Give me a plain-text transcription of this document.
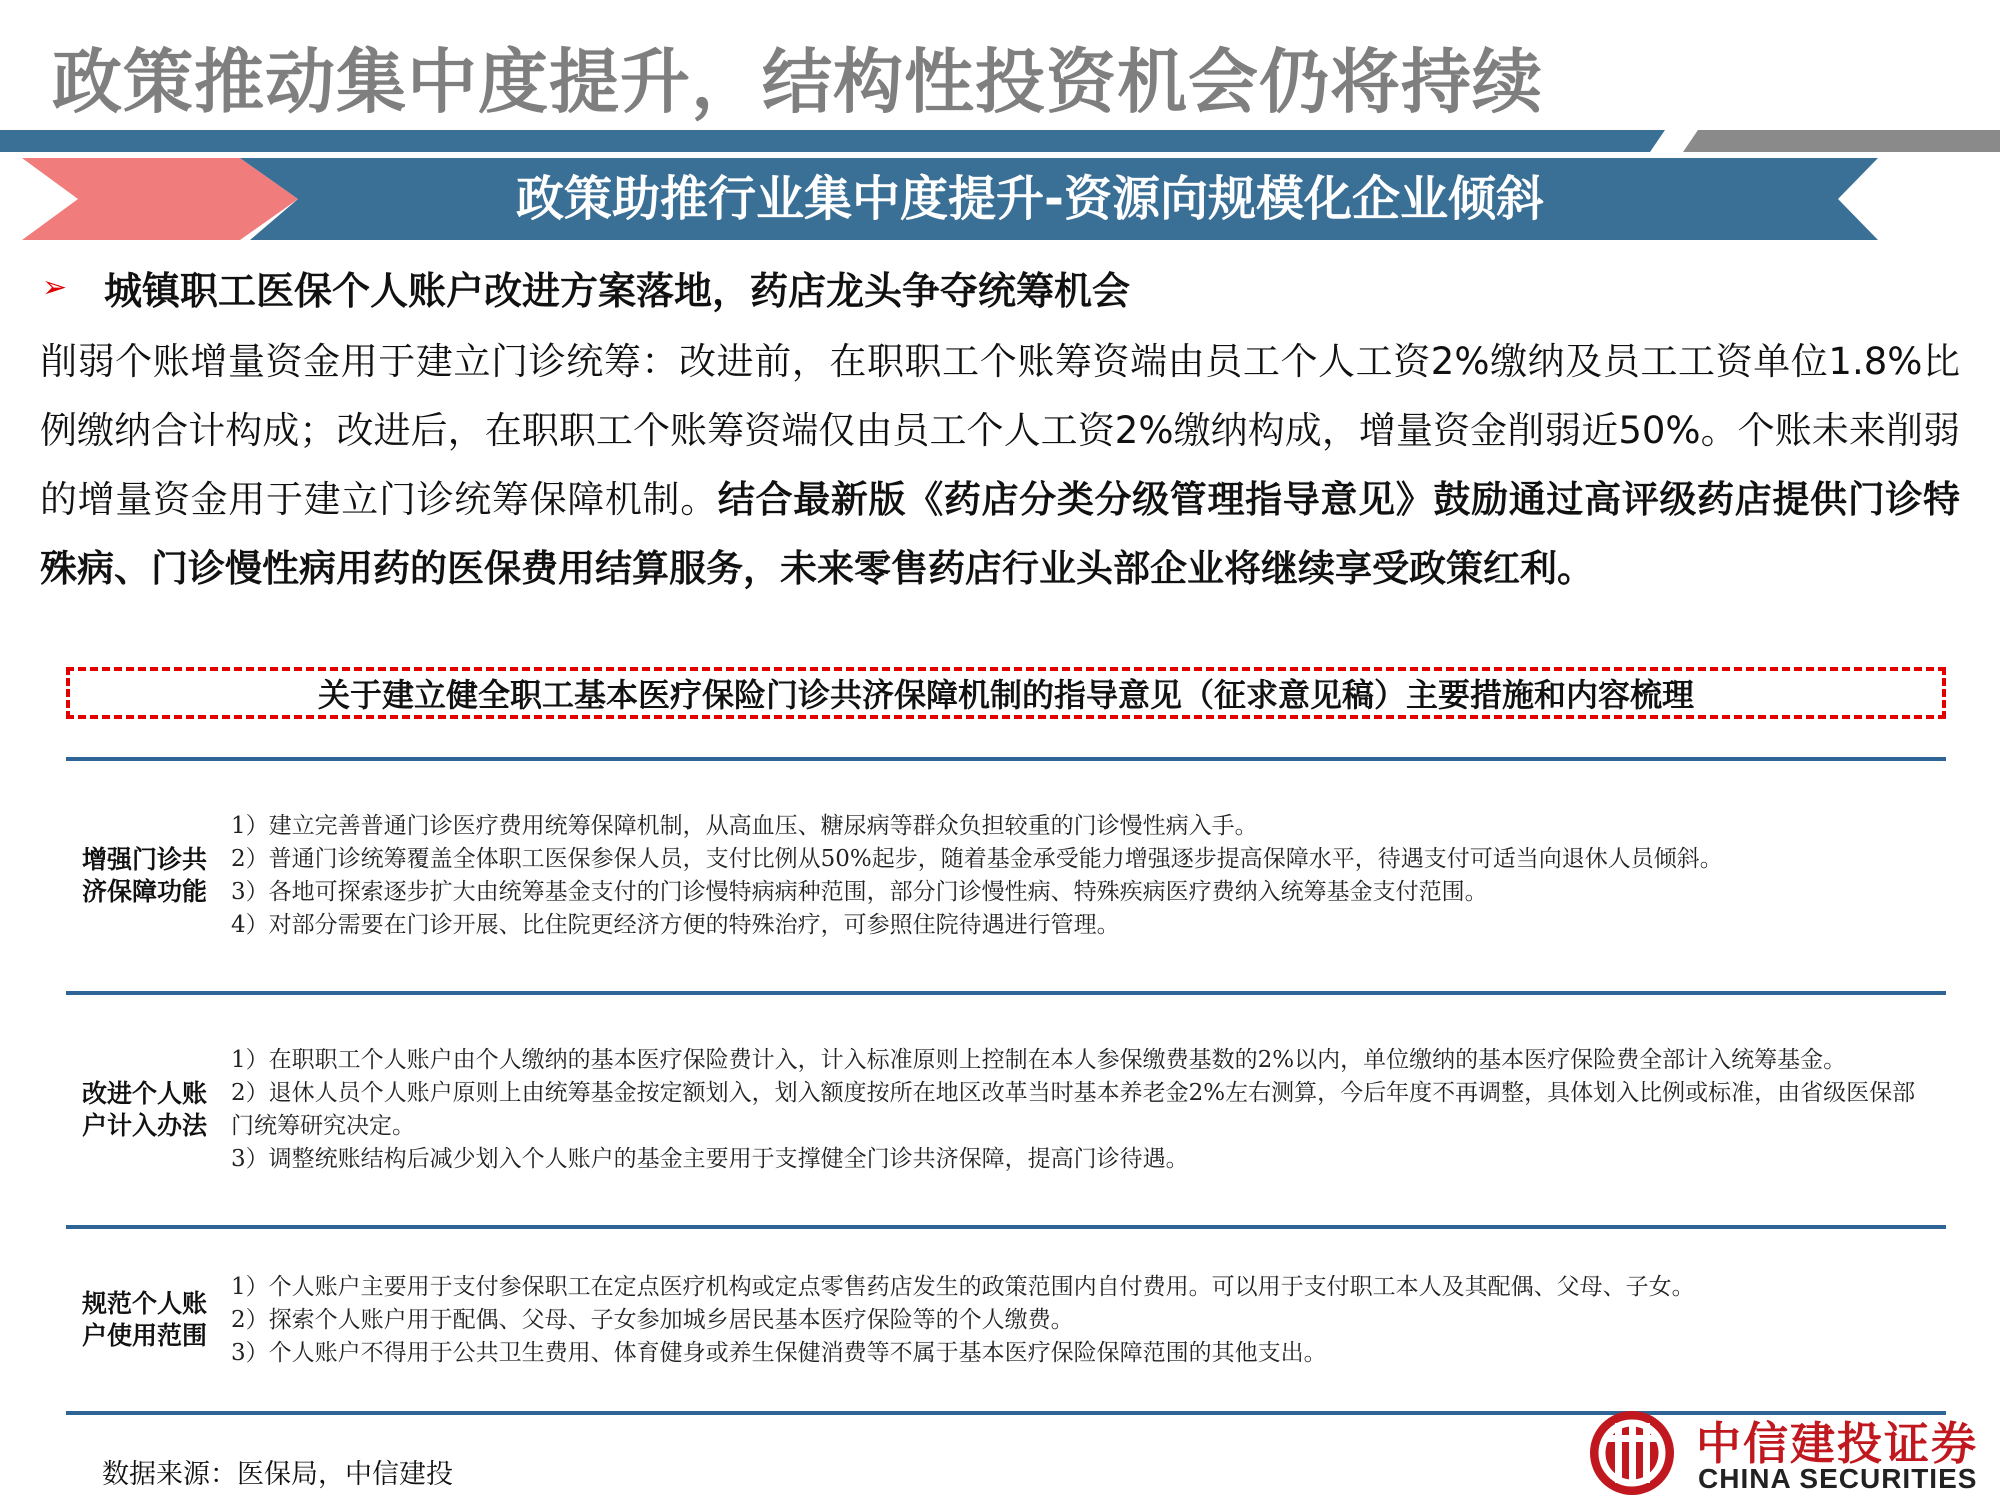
政策推动集中度提升，结构性投资机会仍将持续
政策助推行业集中度提升-资源向规模化企业倾斜
➢ 城镇职工医保个人账户改进方案落地，药店龙头争夺统筹机会

削弱个账增量资金用于建立门诊统筹：改进前，在职职工个账筹资端由员工个人工资2%缴纳及员工工资单位1.8%比例缴纳合计构成；改进后，在职职工个账筹资端仅由员工个人工资2%缴纳构成，增量资金削弱近50%。个账未来削弱的增量资金用于建立门诊统筹保障机制。结合最新版《药店分类分级管理指导意见》鼓励通过高评级药店提供门诊特殊病、门诊慢性病用药的医保费用结算服务，未来零售药店行业头部企业将继续享受政策红利。

关于建立健全职工基本医疗保险门诊共济保障机制的指导意见（征求意见稿）主要措施和内容梳理
增强门诊共济保障功能
1）建立完善普通门诊医疗费用统筹保障机制，从高血压、糖尿病等群众负担较重的门诊慢性病入手。
2）普通门诊统筹覆盖全体职工医保参保人员，支付比例从50%起步，随着基金承受能力增强逐步提高保障水平，待遇支付可适当向退休人员倾斜。
3）各地可探索逐步扩大由统筹基金支付的门诊慢特病病种范围，部分门诊慢性病、特殊疾病医疗费纳入统筹基金支付范围。
4）对部分需要在门诊开展、比住院更经济方便的特殊治疗，可参照住院待遇进行管理。
改进个人账户计入办法
1）在职职工个人账户由个人缴纳的基本医疗保险费计入，计入标准原则上控制在本人参保缴费基数的2%以内，单位缴纳的基本医疗保险费全部计入统筹基金。
2）退休人员个人账户原则上由统筹基金按定额划入，划入额度按所在地区改革当时基本养老金2%左右测算，今后年度不再调整，具体划入比例或标准，由省级医保部门统筹研究决定。
3）调整统账结构后减少划入个人账户的基金主要用于支撑健全门诊共济保障，提高门诊待遇。
规范个人账户使用范围
1）个人账户主要用于支付参保职工在定点医疗机构或定点零售药店发生的政策范围内自付费用。可以用于支付职工本人及其配偶、父母、子女。
2）探索个人账户用于配偶、父母、子女参加城乡居民基本医疗保险等的个人缴费。
3）个人账户不得用于公共卫生费用、体育健身或养生保健消费等不属于基本医疗保险保障范围的其他支出。
数据来源：医保局，中信建投
中信建投证券
CHINA SECURITIES
